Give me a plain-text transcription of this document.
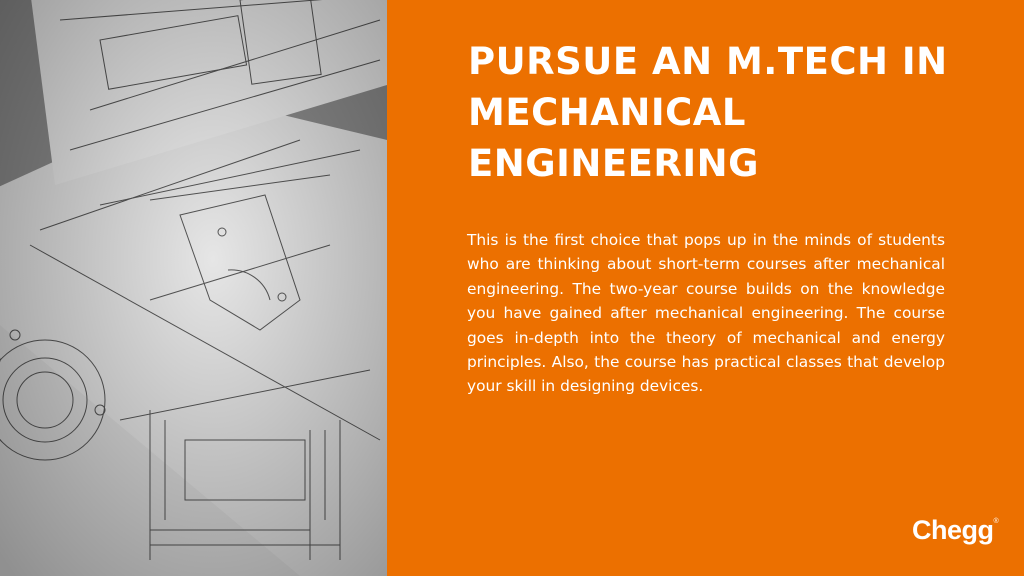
PURSUE AN M.TECH IN MECHANICAL ENGINEERING

This is the first choice that pops up in the minds of students who are thinking about short-term courses after mechanical engineering. The two-year course builds on the knowledge you have gained after mechanical engineering. The course goes in-depth into the theory of mechanical and energy principles. Also, the course has practical classes that develop your skill in designing devices.

Chegg®
